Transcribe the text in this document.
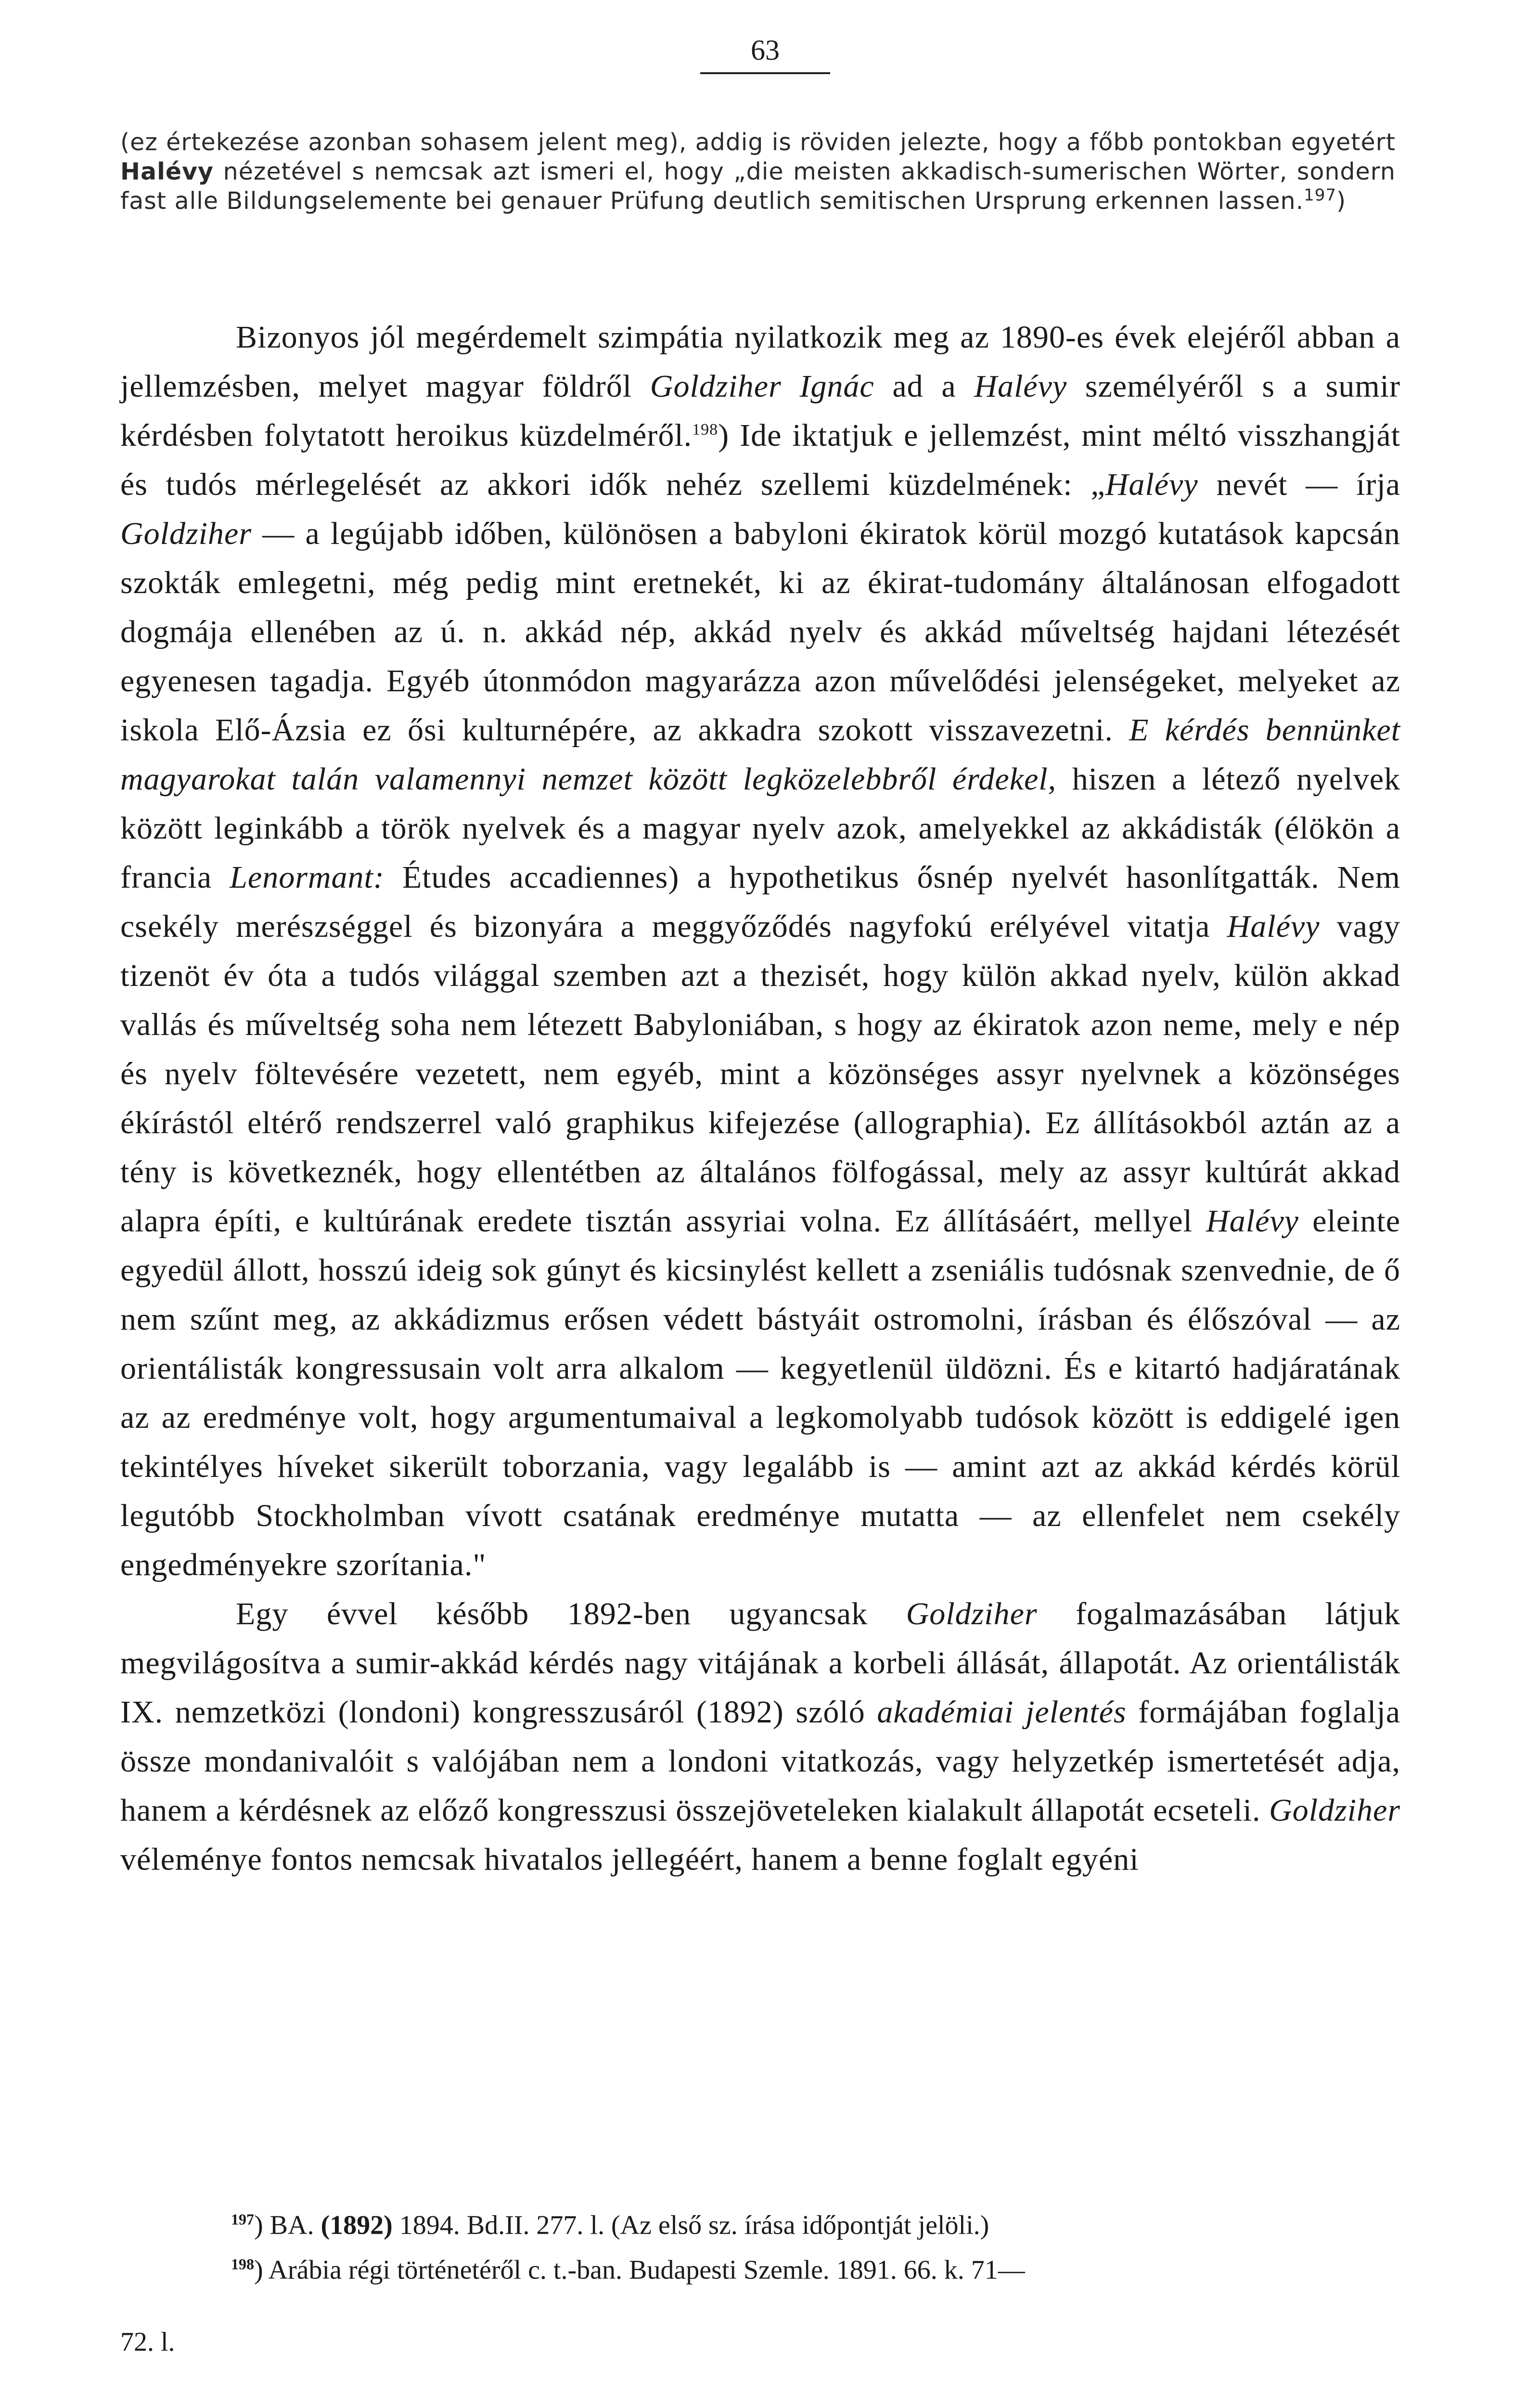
63
(ez értekezése azonban sohasem jelent meg), addig is röviden jelezte, hogy a főbb pontokban egyetért Halévy nézetével s nemcsak azt ismeri el, hogy „die meisten akkadisch-sumerischen Wörter, sondern fast alle Bildungselemente bei genauer Prüfung deutlich semitischen Ursprung erkennen lassen.$^{197}$)

Bizonyos jól megérdemelt szimpátia nyilatkozik meg az 1890-es évek elejéről abban a jellemzésben, melyet magyar földről Goldziher Ignác ad a Halévy személyéről s a sumir kérdésben folytatott heroikus küzdelméről.$^{198}$) Ide iktatjuk e jellemzést, mint méltó visszhangját és tudós mérlegelését az akkori idők nehéz szellemi küzdelmének: „Halévy nevét — írja Goldziher — a legújabb időben, különösen a babyloni ékiratok körül mozgó kutatások kapcsán szokták emlegetni, még pedig mint eretnekét, ki az ékirat-tudomány általánosan elfogadott dogmája ellenében az ú. n. akkád nép, akkád nyelv és akkád műveltség hajdani létezését egyenesen tagadja. Egyéb útonmódon magyarázza azon művelődési jelenségeket, melyeket az iskola Elő-Ázsia ez ősi kulturnépére, az akkadra szokott visszavezetni. E kérdés bennünket magyarokat talán valamennyi nemzet között legközelebbről érdekel, hiszen a létező nyelvek között leginkább a török nyelvek és a magyar nyelv azok, amelyekkel az akkádisták (élökön a francia Lenormant: Études accadiennes) a hypothetikus ősnép nyelvét hasonlítgatták. Nem csekély merészséggel és bizonyára a meggyőződés nagyfokú erélyével vitatja Halévy vagy tizenöt év óta a tudós világgal szemben azt a thezisét, hogy külön akkad nyelv, külön akkad vallás és műveltség soha nem létezett Babyloniában, s hogy az ékiratok azon neme, mely e nép és nyelv föltevésére vezetett, nem egyéb, mint a közönséges assyr nyelvnek a közönséges ékírástól eltérő rendszerrel való graphikus kifejezése (allographia). Ez állításokból aztán az a tény is következnék, hogy ellentétben az általános fölfogással, mely az assyr kultúrát akkad alapra építi, e kultúrának eredete tisztán assyriai volna. Ez állításáért, mellyel Halévy eleinte egyedül állott, hosszú ideig sok gúnyt és kicsinylést kellett a zseniális tudósnak szenvednie, de ő nem szűnt meg, az akkádizmus erősen védett bástyáit ostromolni, írásban és élőszóval — az orientálisták kongressusain volt arra alkalom — kegyetlenül üldözni. És e kitartó hadjáratának az az eredménye volt, hogy argumentumaival a legkomolyabb tudósok között is eddigelé igen tekintélyes híveket sikerült toborzania, vagy legalább is — amint azt az akkád kérdés körül legutóbb Stockholmban vívott csatának eredménye mutatta — az ellenfelet nem csekély engedményekre szorítania."

Egy évvel később 1892-ben ugyancsak Goldziher fogalmazásában látjuk megvilágosítva a sumir-akkád kérdés nagy vitájának a korbeli állását, állapotát. Az orientálisták IX. nemzetközi (londoni) kongresszusáról (1892) szóló akadémiai jelentés formájában foglalja össze mondanivalóit s valójában nem a londoni vitatkozás, vagy helyzetkép ismertetését adja, hanem a kérdésnek az előző kongresszusi összejöveteleken kialakult állapotát ecseteli. Goldziher véleménye fontos nemcsak hivatalos jellegéért, hanem a benne foglalt egyéni

$^{197}$) BA. (1892) 1894. Bd.II. 277. l. (Az első sz. írása időpontját jelöli.)
$^{198}$) Arábia régi történetéről c. t.-ban. Budapesti Szemle. 1891. 66. k. 71—
72. l.
